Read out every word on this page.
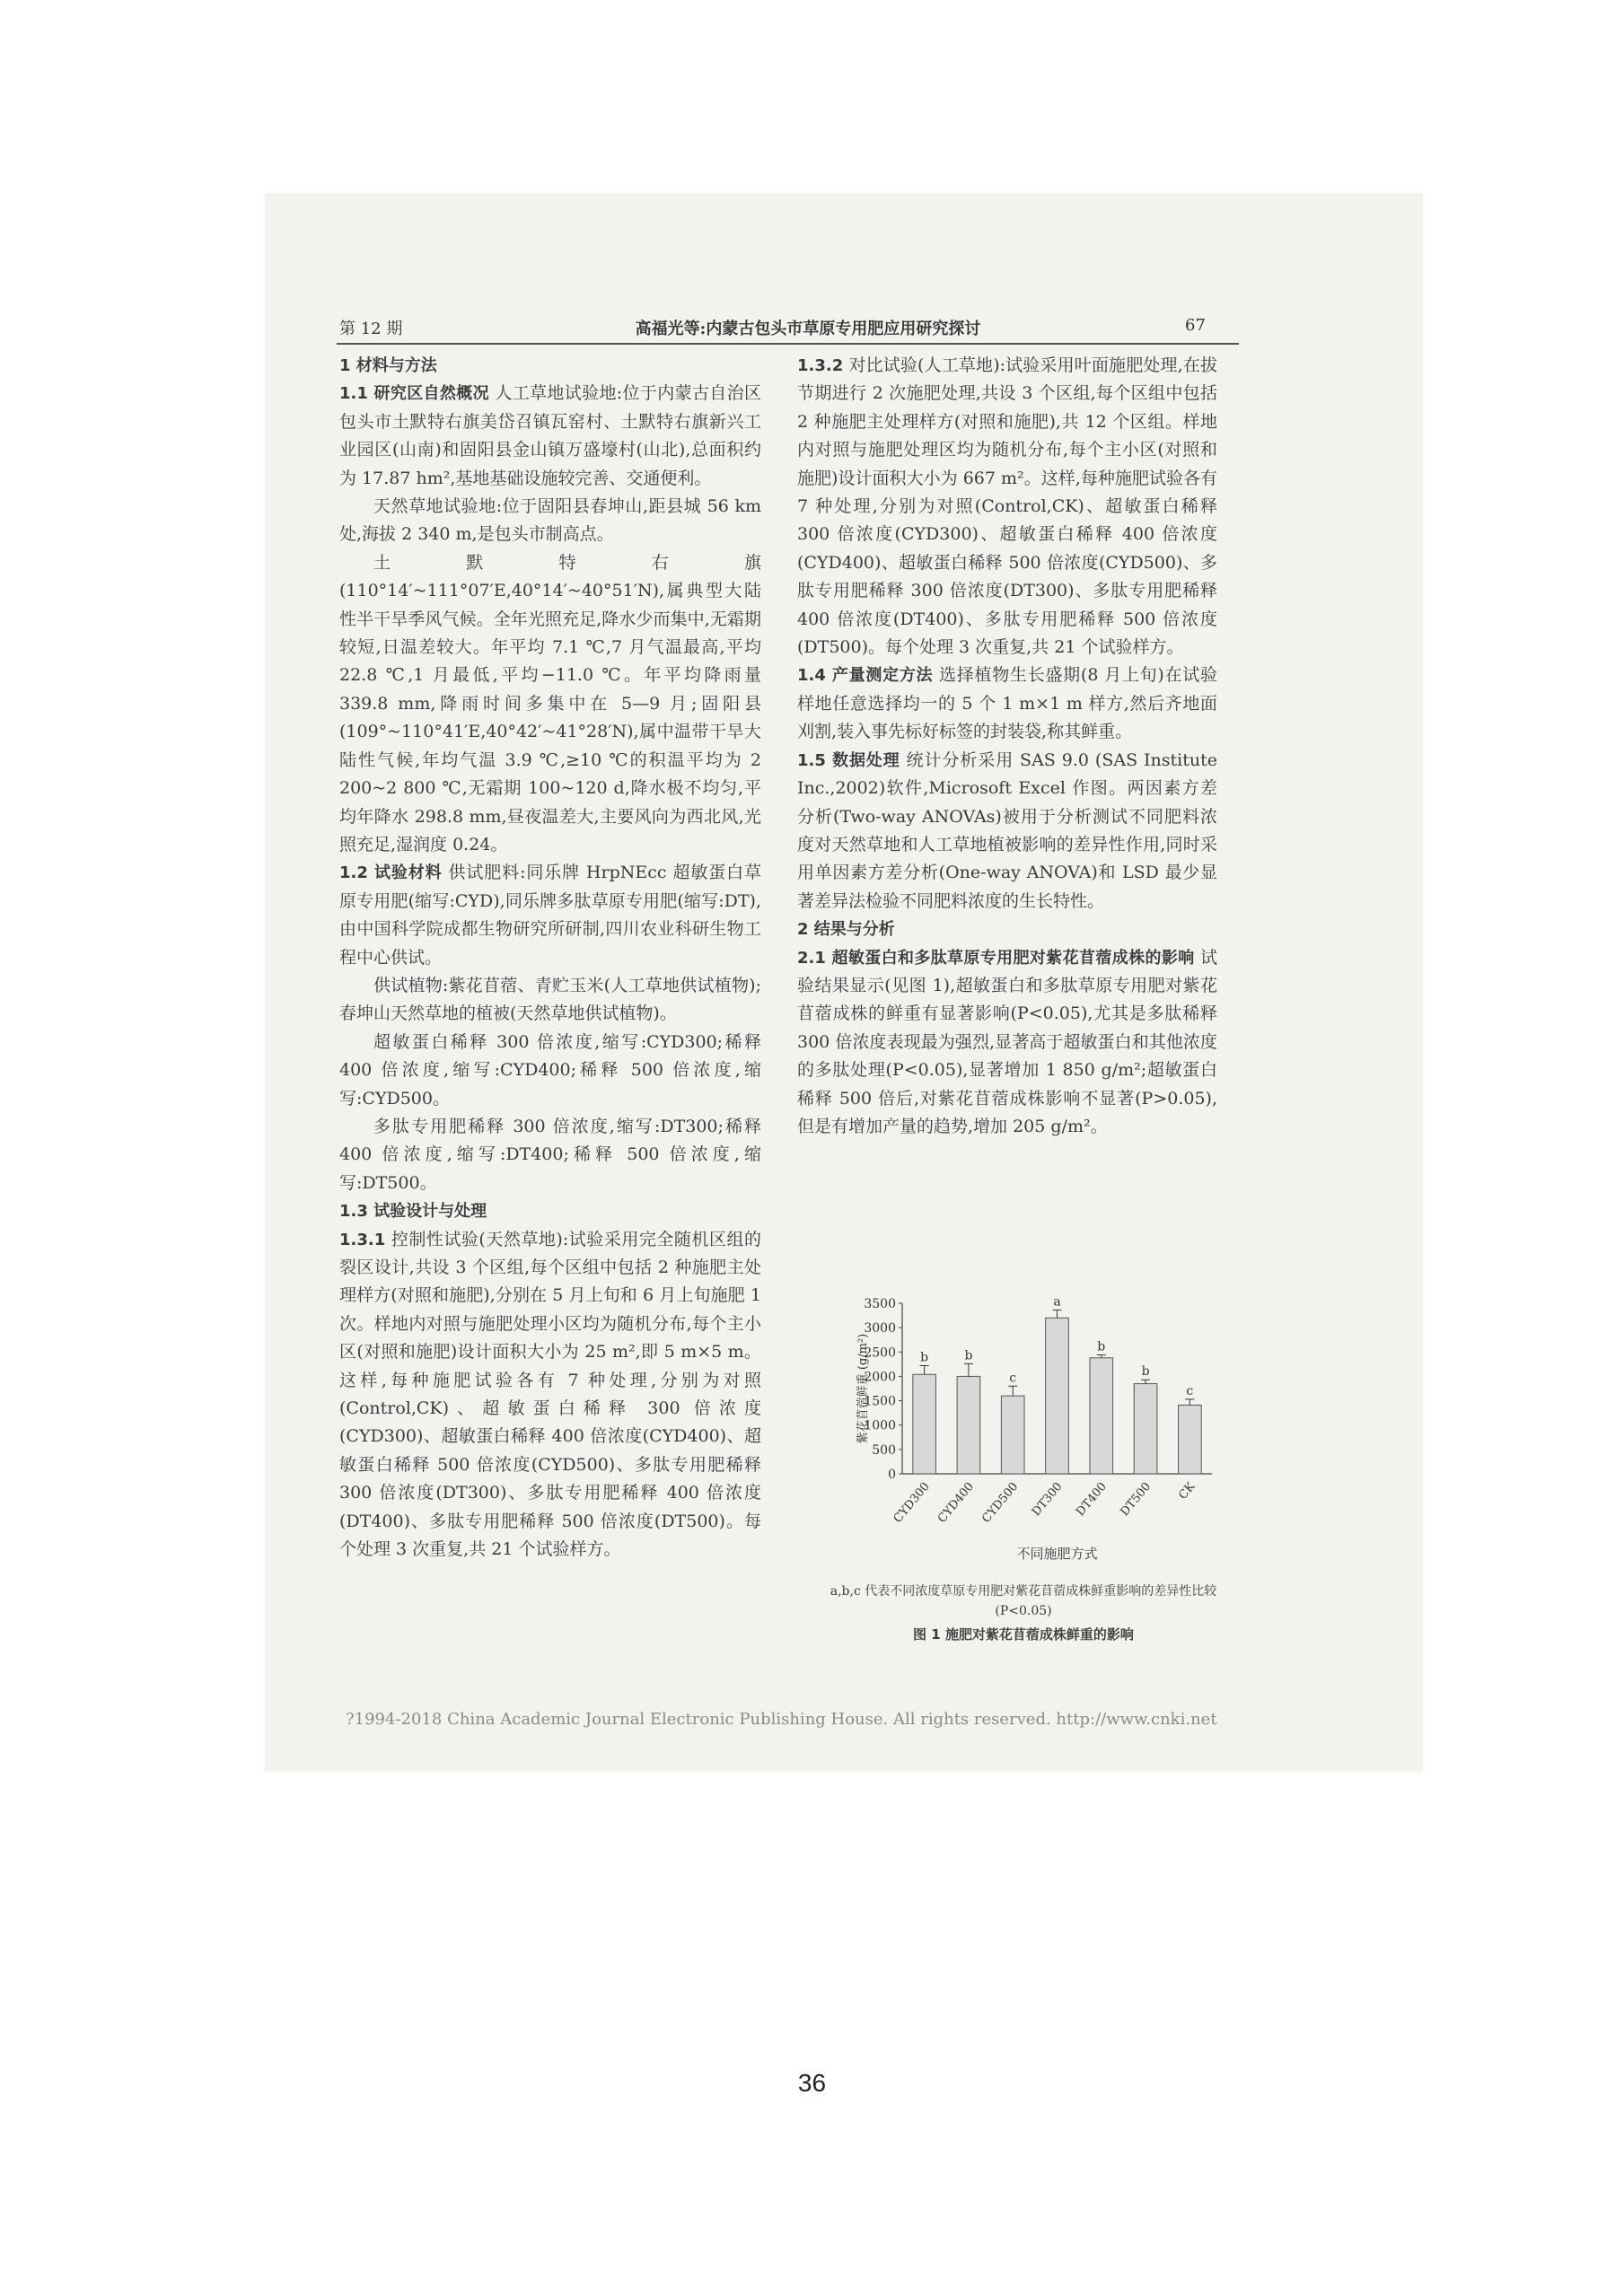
第 12 期	高福光等:内蒙古包头市草原专用肥应用研究探讨	67

1 材料与方法

1.1 研究区自然概况 人工草地试验地:位于内蒙古自治区包头市土默特右旗美岱召镇瓦窑村、土默特右旗新兴工业园区(山南)和固阳县金山镇万盛壕村(山北),总面积约为 17.87 hm²,基地基础设施较完善、交通便利。

天然草地试验地:位于固阳县春坤山,距县城 56 km 处,海拔 2 340 m,是包头市制高点。

土默特右旗(110°14′~111°07′E,40°14′~40°51′N),属典型大陆性半干旱季风气候。全年光照充足,降水少而集中,无霜期较短,日温差较大。年平均 7.1 ℃,7 月气温最高,平均 22.8 ℃,1 月最低,平均−11.0 ℃。年平均降雨量 339.8 mm,降雨时间多集中在 5—9 月;固阳县(109°~110°41′E,40°42′~41°28′N),属中温带干旱大陆性气候,年均气温 3.9 ℃,≥10 ℃的积温平均为 2 200~2 800 ℃,无霜期 100~120 d,降水极不均匀,平均年降水 298.8 mm,昼夜温差大,主要风向为西北风,光照充足,湿润度 0.24。

1.2 试验材料 供试肥料:同乐牌 HrpNEcc 超敏蛋白草原专用肥(缩写:CYD),同乐牌多肽草原专用肥(缩写:DT),由中国科学院成都生物研究所研制,四川农业科研生物工程中心供试。

供试植物:紫花苜蓿、青贮玉米(人工草地供试植物);春坤山天然草地的植被(天然草地供试植物)。

超敏蛋白稀释 300 倍浓度,缩写:CYD300;稀释 400 倍浓度,缩写:CYD400;稀释 500 倍浓度,缩写:CYD500。

多肽专用肥稀释 300 倍浓度,缩写:DT300;稀释 400 倍浓度,缩写:DT400;稀释 500 倍浓度,缩写:DT500。

1.3 试验设计与处理

1.3.1 控制性试验(天然草地):试验采用完全随机区组的裂区设计,共设 3 个区组,每个区组中包括 2 种施肥主处理样方(对照和施肥),分别在 5 月上旬和 6 月上旬施肥 1 次。样地内对照与施肥处理小区均为随机分布,每个主小区(对照和施肥)设计面积大小为 25 m²,即 5 m×5 m。这样,每种施肥试验各有 7 种处理,分别为对照(Control,CK)、超敏蛋白稀释 300 倍浓度(CYD300)、超敏蛋白稀释 400 倍浓度(CYD400)、超敏蛋白稀释 500 倍浓度(CYD500)、多肽专用肥稀释 300 倍浓度(DT300)、多肽专用肥稀释 400 倍浓度(DT400)、多肽专用肥稀释 500 倍浓度(DT500)。每个处理 3 次重复,共 21 个试验样方。

1.3.2 对比试验(人工草地):试验采用叶面施肥处理,在拔节期进行 2 次施肥处理,共设 3 个区组,每个区组中包括 2 种施肥主处理样方(对照和施肥),共 12 个区组。样地内对照与施肥处理区均为随机分布,每个主小区(对照和施肥)设计面积大小为 667 m²。这样,每种施肥试验各有 7 种处理,分别为对照(Control,CK)、超敏蛋白稀释 300 倍浓度(CYD300)、超敏蛋白稀释 400 倍浓度(CYD400)、超敏蛋白稀释 500 倍浓度(CYD500)、多肽专用肥稀释 300 倍浓度(DT300)、多肽专用肥稀释 400 倍浓度(DT400)、多肽专用肥稀释 500 倍浓度(DT500)。每个处理 3 次重复,共 21 个试验样方。

1.4 产量测定方法 选择植物生长盛期(8 月上旬)在试验样地任意选择均一的 5 个 1 m×1 m 样方,然后齐地面刈割,装入事先标好标签的封装袋,称其鲜重。

1.5 数据处理 统计分析采用 SAS 9.0 (SAS Institute Inc.,2002)软件,Microsoft Excel 作图。两因素方差分析(Two-way ANOVAs)被用于分析测试不同肥料浓度对天然草地和人工草地植被影响的差异性作用,同时采用单因素方差分析(One-way ANOVA)和 LSD 最少显著差异法检验不同肥料浓度的生长特性。

2 结果与分析

2.1 超敏蛋白和多肽草原专用肥对紫花苜蓿成株的影响 试验结果显示(见图 1),超敏蛋白和多肽草原专用肥对紫花苜蓿成株的鲜重有显著影响(P<0.05),尤其是多肽稀释 300 倍浓度表现最为强烈,显著高于超敏蛋白和其他浓度的多肽处理(P<0.05),显著增加 1 850 g/m²;超敏蛋白稀释 500 倍后,对紫花苜蓿成株影响不显著(P>0.05),但是有增加产量的趋势,增加 205 g/m²。

0
500
1000
1500
2000
2500
3000
3500
紫花苜蓿鲜重 (g/m²)	b
CYD300
b
CYD400
c
CYD500
a
DT300
b
DT400
b
DT500
c
CK
不同施肥方式
a,b,c 代表不同浓度草原专用肥对紫花苜蓿成株鲜重影响的差异性比较(P<0.05)
图 1 施肥对紫花苜蓿成株鲜重的影响
?1994-2018 China Academic Journal Electronic Publishing House. All rights reserved. http://www.cnki.net
36
